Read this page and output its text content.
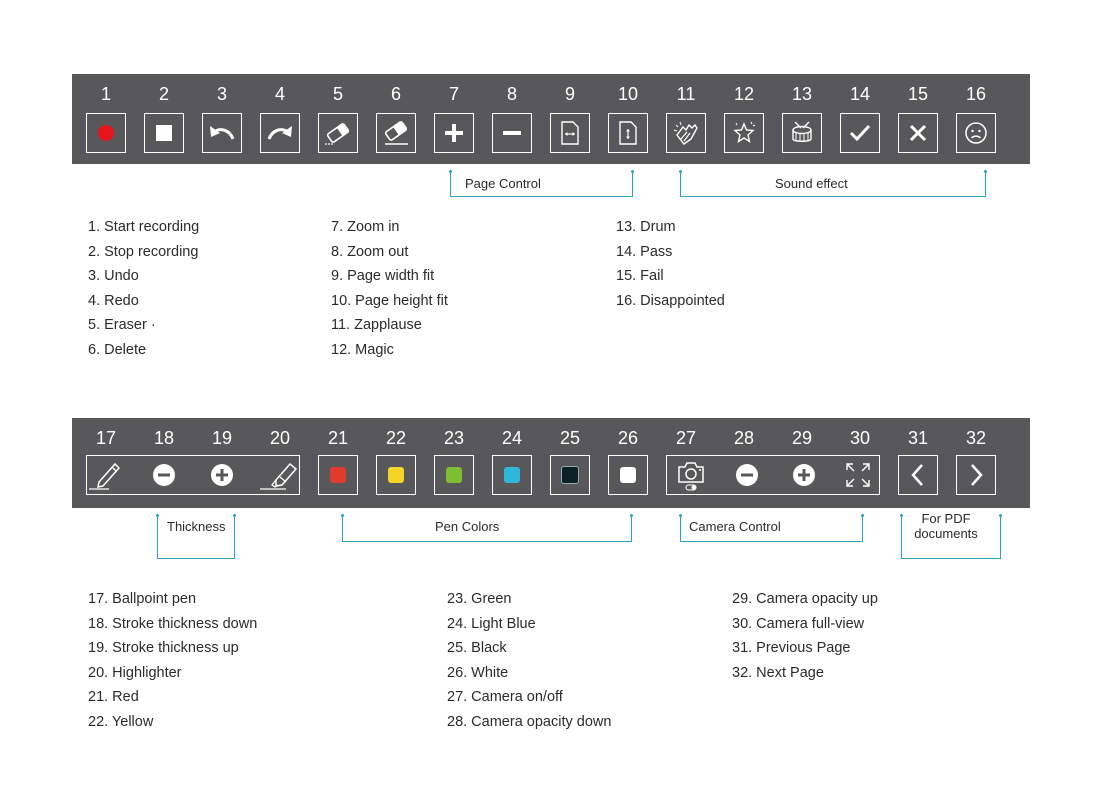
1	2	3	4	5	6	7	8	9	10	11	12	13	14	15	16
Page Control	Sound effect
1. Start recording
2. Stop recording
3. Undo
4. Redo
5. Eraser ·
6. Delete
7. Zoom in
8. Zoom out
9. Page width fit
10. Page height fit
11. Zapplause
12. Magic
13. Drum
14. Pass
15. Fail
16. Disappointed
17	18	19	20	21	22	23	24	25	26	27	28	29	30	31	32
Thickness	Pen Colors	Camera Control
For PDF
documents
17. Ballpoint pen
18. Stroke thickness down
19. Stroke thickness up
20. Highlighter
21. Red
22. Yellow
23. Green
24. Light Blue
25. Black
26. White
27. Camera on/off
28. Camera opacity down
29. Camera opacity up
30. Camera full-view
31. Previous Page
32. Next Page
